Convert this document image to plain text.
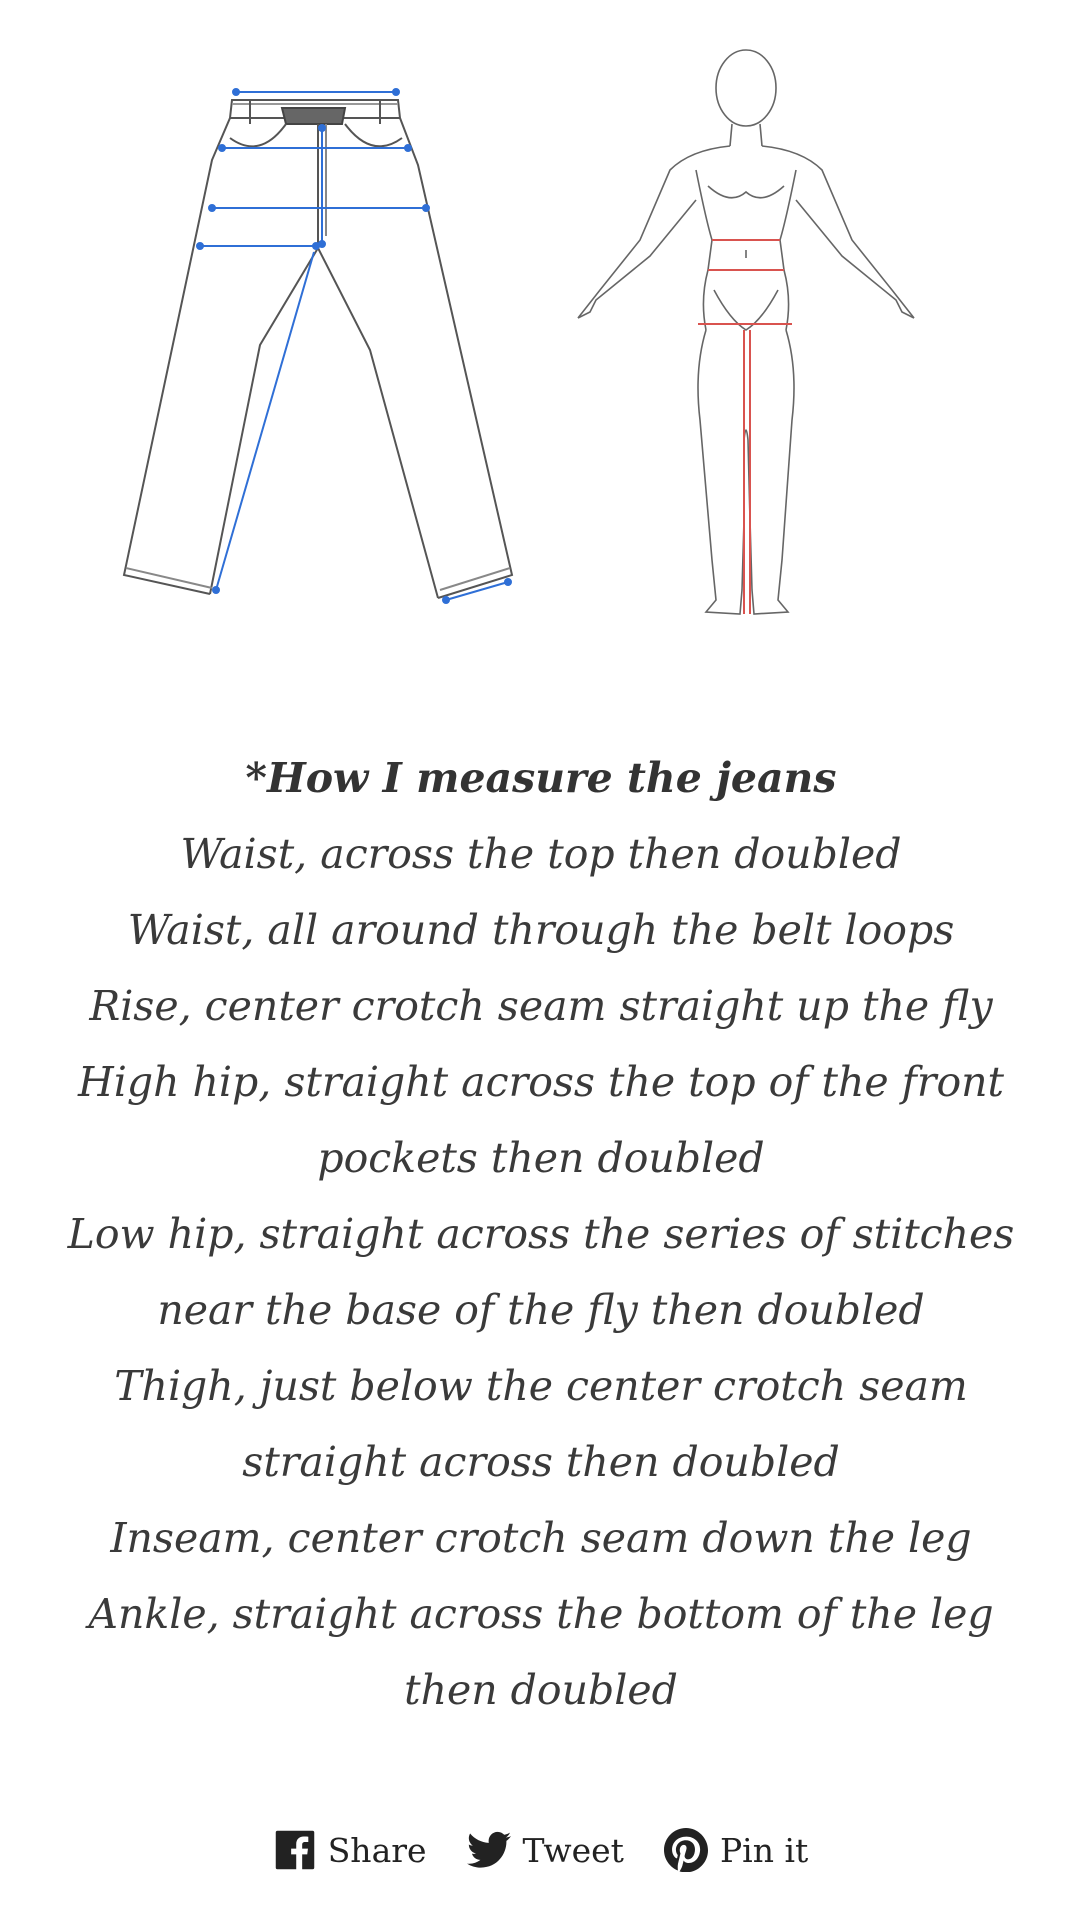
*How I measure the jeans
Waist, across the top then doubled
Waist, all around through the belt loops
Rise, center crotch seam straight up the fly
High hip, straight across the top of the front
pockets then doubled
Low hip, straight across the series of stitches
near the base of the fly then doubled
Thigh, just below the center crotch seam
straight across then doubled
Inseam, center crotch seam down the leg
Ankle, straight across the bottom of the leg
then doubled
Share	Tweet	Pin it
